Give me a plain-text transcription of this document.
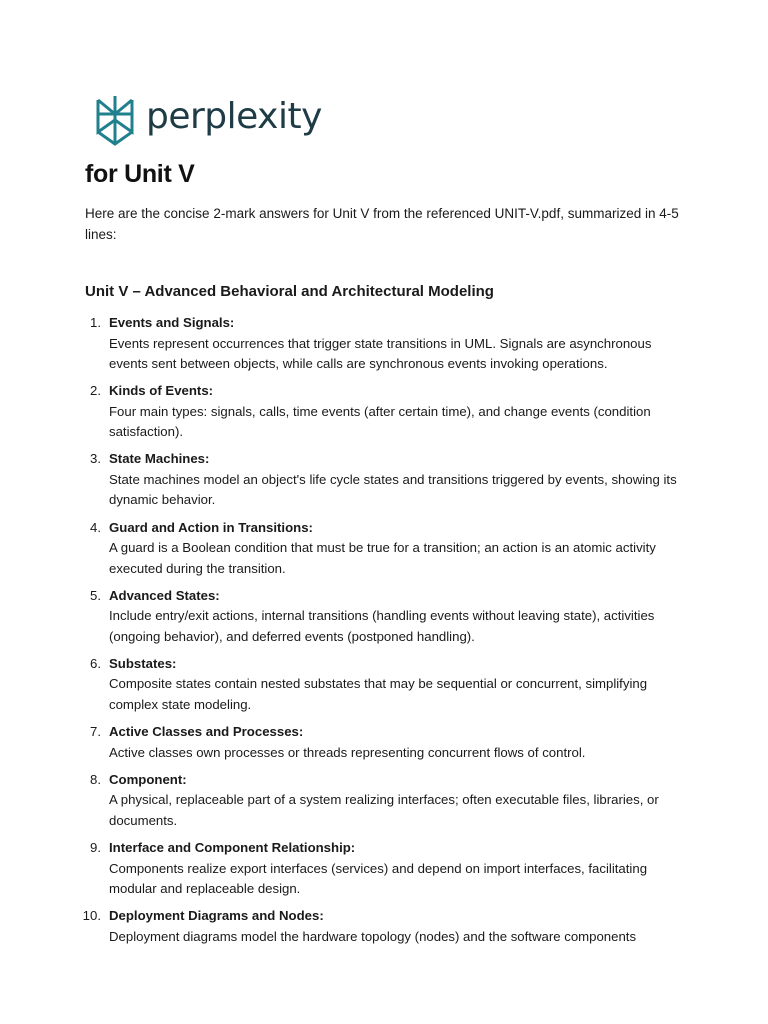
perplexity
for Unit V

Here are the concise 2-mark answers for Unit V from the referenced UNIT-V.pdf, summarized in 4-5 lines:

Unit V – Advanced Behavioral and Architectural Modeling
1. Events and Signals:
Events represent occurrences that trigger state transitions in UML. Signals are asynchronous events sent between objects, while calls are synchronous events invoking operations.
2. Kinds of Events:
Four main types: signals, calls, time events (after certain time), and change events (condition satisfaction).
3. State Machines:
State machines model an object's life cycle states and transitions triggered by events, showing its dynamic behavior.
4. Guard and Action in Transitions:
A guard is a Boolean condition that must be true for a transition; an action is an atomic activity executed during the transition.
5. Advanced States:
Include entry/exit actions, internal transitions (handling events without leaving state), activities (ongoing behavior), and deferred events (postponed handling).
6. Substates:
Composite states contain nested substates that may be sequential or concurrent, simplifying complex state modeling.
7. Active Classes and Processes:
Active classes own processes or threads representing concurrent flows of control.
8. Component:
A physical, replaceable part of a system realizing interfaces; often executable files, libraries, or documents.
9. Interface and Component Relationship:
Components realize export interfaces (services) and depend on import interfaces, facilitating modular and replaceable design.
10. Deployment Diagrams and Nodes:
Deployment diagrams model the hardware topology (nodes) and the software components
